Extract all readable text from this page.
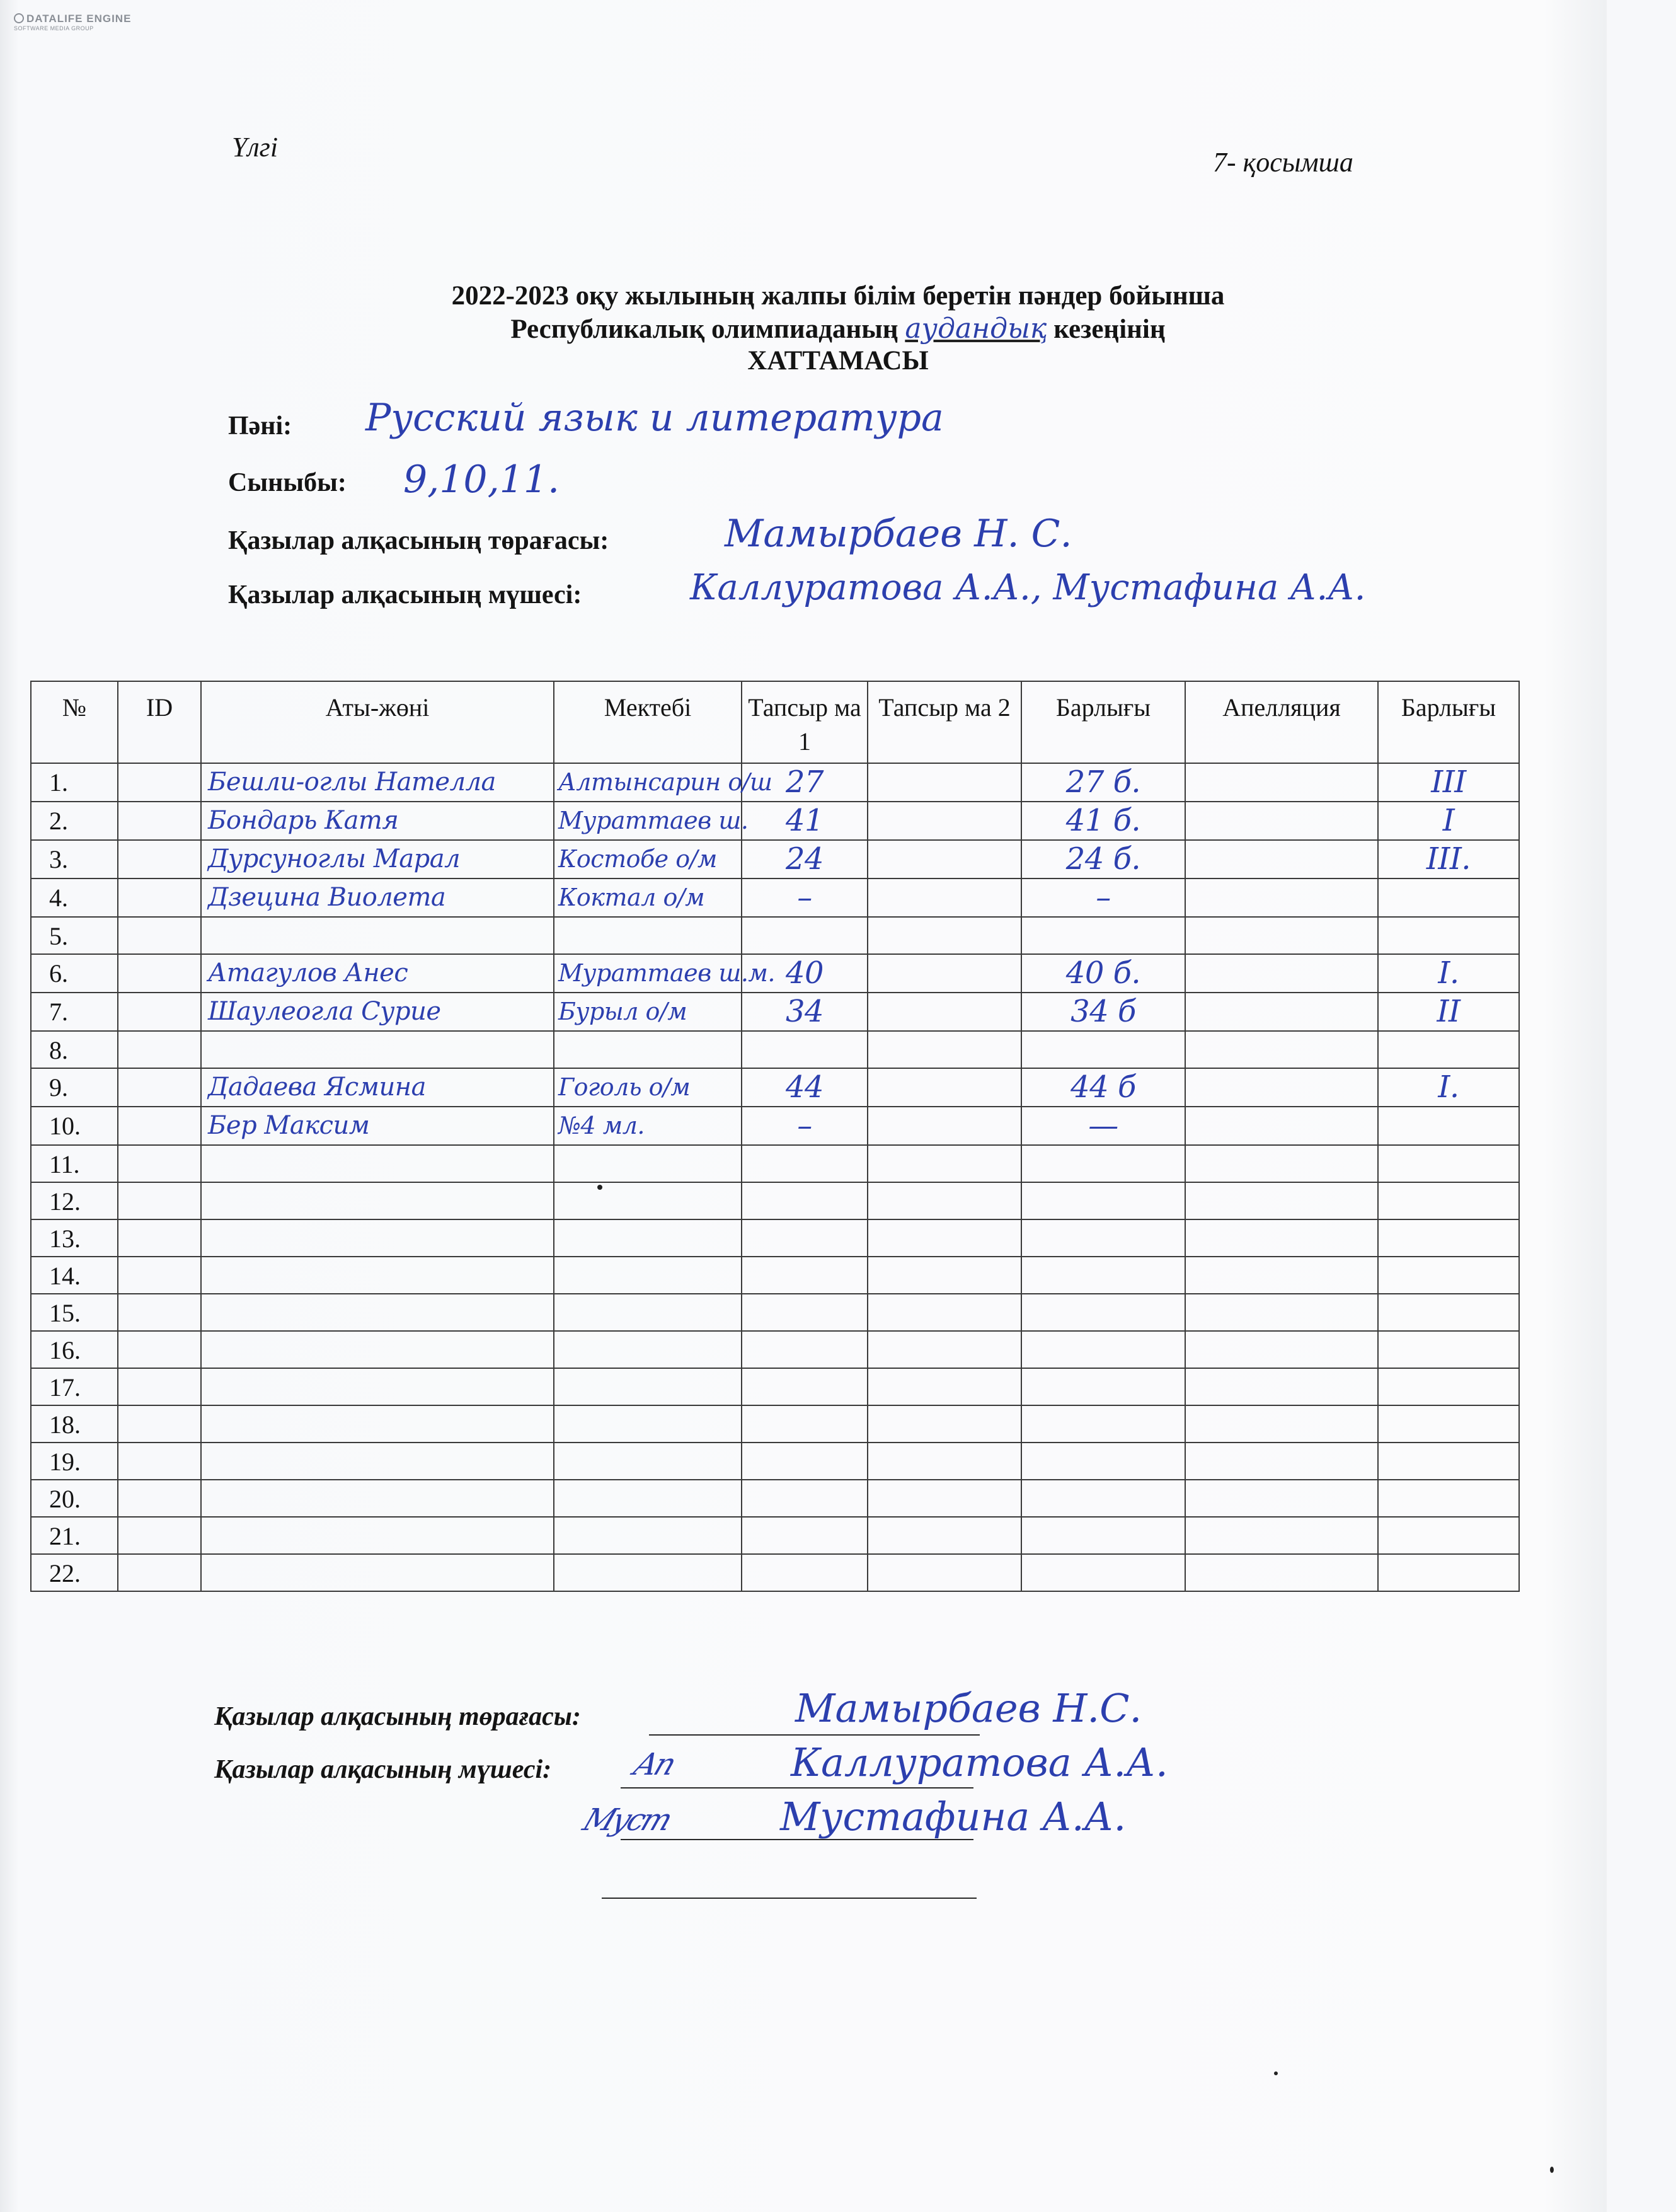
DATALIFE ENGINE
SOFTWARE MEDIA GROUP
Үлгі	7- қосымша
2022-2023 оқу жылының жалпы білім беретін пәндер бойынша
Республикалық олимпиаданың аудандық кезеңінің
ХАТТАМАСЫ
Пәні: Русский язык и литература
Сыныбы: 9,10,11.
Қазылар алқасының төрағасы:	Мамырбаев Н. С.
Қазылар алқасының мүшесі:	Каллуратова А.А., Мустафина А.А.
№	ID	Аты-жөні	Мектебі	Тапсыр ма 1	Тапсыр ма 2	Барлығы	Апелляция	Барлығы
1.		Бешли-оглы Нателла	Алтынсарин о/ш	27		27 б.		III
2.		Бондарь Катя	Мураттаев ш.	41		41 б.		I
3.		Дурсуноглы Марал	Костобе о/м	24		24 б.		III.
4.		Дзецина Виолета	Коктал о/м	–		–		
5.								
6.		Атагулов Анес	Мураттаев ш.м.	40		40 б.		I.
7.		Шаулеогла Сурие	Бурыл о/м	34		34 б		II
8.								
9.		Дадаева Ясмина	Гоголь о/м	44		44 б		I.
10.		Бер Максим	№4 мл.	–		—		
11.								
12.								
13.								
14.								
15.								
16.								
17.								
18.								
19.								
20.								
21.								
22.								
Қазылар алқасының төрағасы:	Мамырбаев Н.С.
Қазылар алқасының мүшесі:	Ап	Каллуратова А.А.
Муст	Мустафина А.А.
